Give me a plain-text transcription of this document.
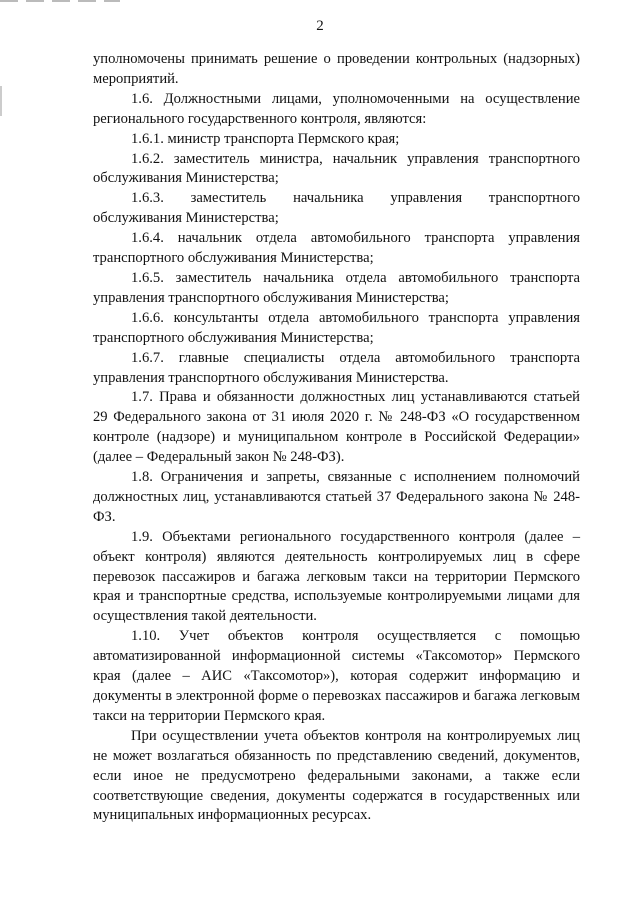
2

уполномочены принимать решение о проведении контрольных (надзорных) мероприятий.

1.6. Должностными лицами, уполномоченными на осуществление регионального государственного контроля, являются:

1.6.1. министр транспорта Пермского края;

1.6.2. заместитель министра, начальник управления транспортного обслуживания Министерства;

1.6.3. заместитель начальника управления транспортного обслуживания Министерства;

1.6.4. начальник отдела автомобильного транспорта управления транспортного обслуживания Министерства;

1.6.5. заместитель начальника отдела автомобильного транспорта управления транспортного обслуживания Министерства;

1.6.6. консультанты отдела автомобильного транспорта управления транспортного обслуживания Министерства;

1.6.7. главные специалисты отдела автомобильного транспорта управления транспортного обслуживания Министерства.

1.7. Права и обязанности должностных лиц устанавливаются статьей 29 Федерального закона от 31 июля 2020 г. № 248-ФЗ «О государственном контроле (надзоре) и муниципальном контроле в Российской Федерации» (далее – Федеральный закон № 248-ФЗ).

1.8. Ограничения и запреты, связанные с исполнением полномочий должностных лиц, устанавливаются статьей 37 Федерального закона № 248-ФЗ.

1.9. Объектами регионального государственного контроля (далее – объект контроля) являются деятельность контролируемых лиц в сфере перевозок пассажиров и багажа легковым такси на территории Пермского края и транспортные средства, используемые контролируемыми лицами для осуществления такой деятельности.

1.10. Учет объектов контроля осуществляется с помощью автоматизированной информационной системы «Таксомотор» Пермского края (далее – АИС «Таксомотор»), которая содержит информацию и документы в электронной форме о перевозках пассажиров и багажа легковым такси на территории Пермского края.

При осуществлении учета объектов контроля на контролируемых лиц не может возлагаться обязанность по представлению сведений, документов, если иное не предусмотрено федеральными законами, а также если соответствующие сведения, документы содержатся в государственных или муниципальных информационных ресурсах.
